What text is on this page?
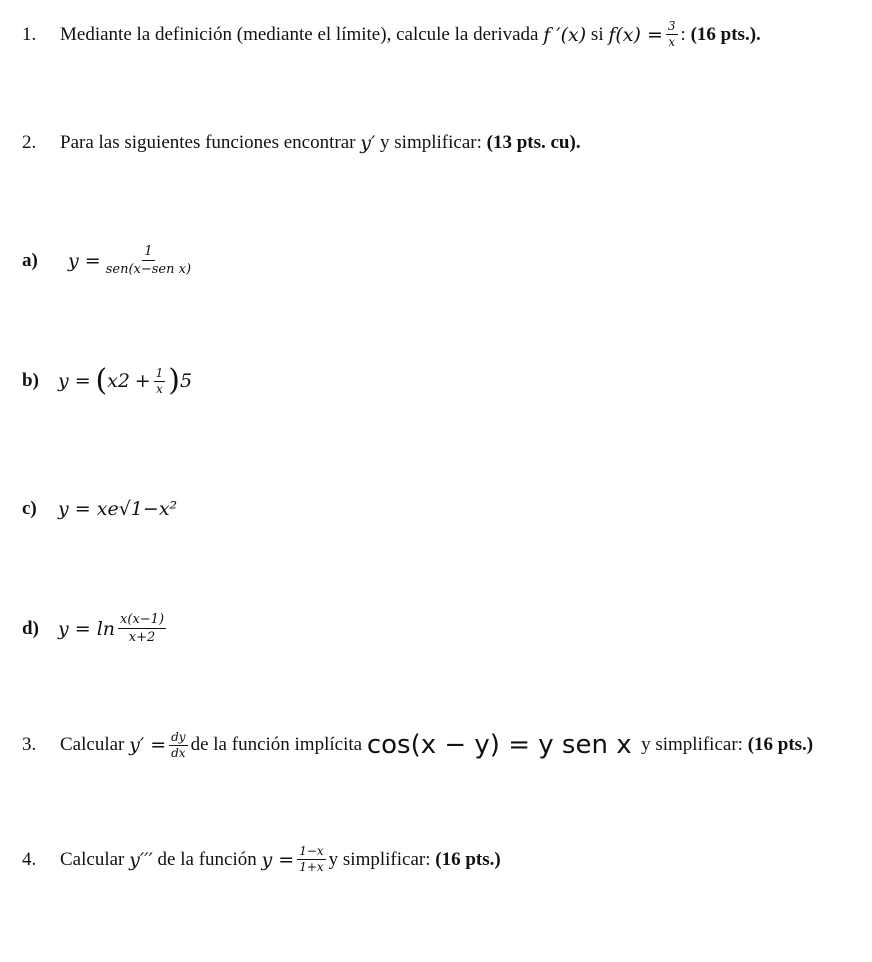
1.	Mediante la definición (mediante el límite), calcule la derivada
f ′(x)
si
$f(x) = \frac{3}{x}$ :
(16 pts.).
2.	Para las siguientes funciones encontrar
y′
y simplificar:
(13 pts. cu).
a)	$y = \frac{1}{\text{sen(x−sen x)}}$
b)	y =
( x 2
+ $\frac{1}{x}$ ) 5
c)	y = xe √1−x²
d)	$y = \ln \frac{x(x-1)}{x+2}$
3.	Calcular
$y' = \frac{dy}{dx}$ de la función implícita
cos(x − y) = y sen x
y simplificar:
(16 pts.)
4.	Calcular
y′′′
de la función
$y = \frac{1-x}{1+x}$ y simplificar:
(16 pts.)
